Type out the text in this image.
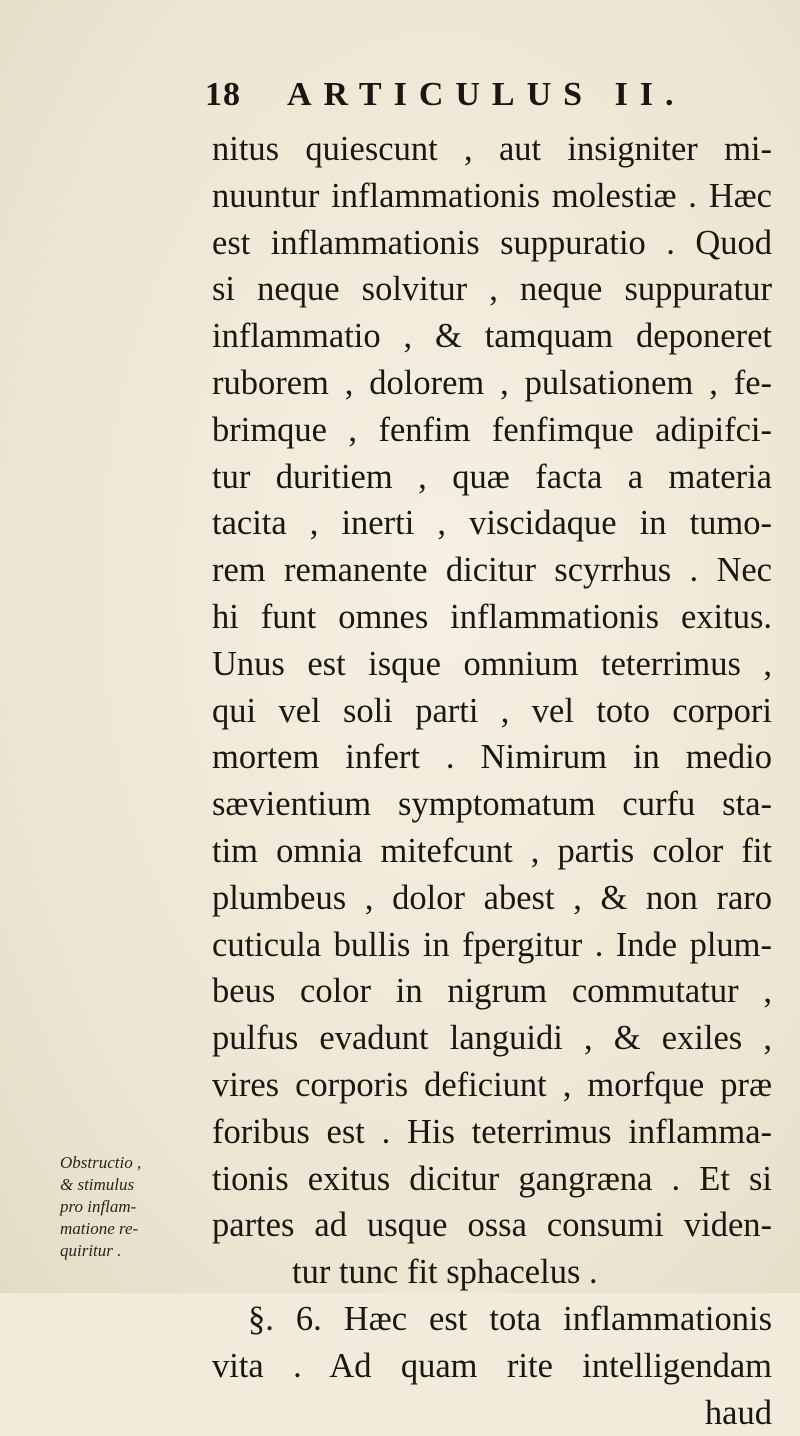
18 ARTICULUS II.
nitus quiescunt , aut insigniter mi-
nuuntur inflammationis molestiæ . Hæc
est inflammationis suppuratio . Quod
si neque solvitur , neque suppuratur
inflammatio , & tamquam deponeret
ruborem , dolorem , pulsationem , fe-
brimque , fenfim fenfimque adipifci-
tur duritiem , quæ facta a materia
tacita , inerti , viscidaque in tumo-
rem remanente dicitur scyrrhus . Nec
hi funt omnes inflammationis exitus.
Unus est isque omnium teterrimus ,
qui vel soli parti , vel toto corpori
mortem infert . Nimirum in medio
sævientium symptomatum curfu sta-
tim omnia mitefcunt , partis color fit
plumbeus , dolor abest , & non raro
cuticula bullis in fpergitur . Inde plum-
beus color in nigrum commutatur ,
pulfus evadunt languidi , & exiles ,
vires corporis deficiunt , morfque præ
foribus est . His teterrimus inflamma-
tionis exitus dicitur gangræna . Et si
partes ad usque ossa consumi viden-
tur tunc fit sphacelus .
§. 6. Hæc est tota inflammationis
vita . Ad quam rite intelligendam
haud
Obstructio ,
& stimulus
pro inflam-
matione re-
quiritur .
